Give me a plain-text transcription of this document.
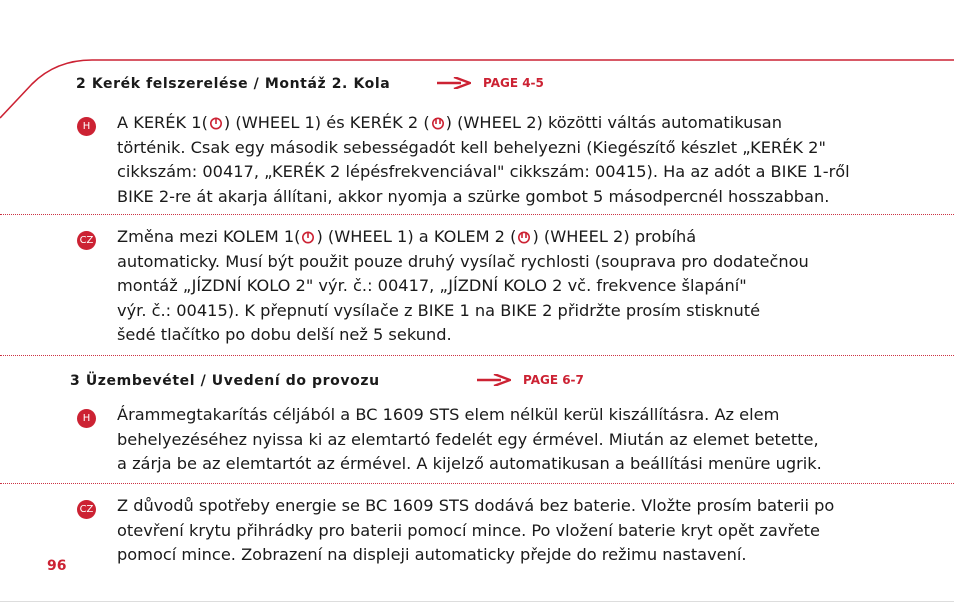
2 Kerék felszerelése / Montáž 2. Kola	PAGE 4-5
H	A KERÉK 1( ) (WHEEL 1) és KERÉK 2 ( ) (WHEEL 2) közötti váltás automatikusan
történik. Csak egy második sebességadót kell behelyezni (Kiegészítő készlet „KERÉK 2"
cikkszám: 00417, „KERÉK 2 lépésfrekvenciával" cikkszám: 00415). Ha az adót a BIKE 1-ről
BIKE 2-re át akarja állítani, akkor nyomja a szürke gombot 5 másodpercnél hosszabban.

CZ Změna mezi KOLEM 1( ) (WHEEL 1) a KOLEM 2 ( ) (WHEEL 2) probíhá
automaticky. Musí být použit pouze druhý vysílač rychlosti (souprava pro dodatečnou
montáž „JÍZDNÍ KOLO 2" výr. č.: 00417, „JÍZDNÍ KOLO 2 vč. frekvence šlapání"
výr. č.: 00415). K přepnutí vysílače z BIKE 1 na BIKE 2 přidržte prosím stisknuté
šedé tlačítko po dobu delší než 5 sekund.

3 Üzembevétel / Uvedení do provozu	PAGE 6-7
H	Árammegtakarítás céljából a BC 1609 STS elem nélkül kerül kiszállításra. Az elem
behelyezéséhez nyissa ki az elemtartó fedelét egy érmével. Miután az elemet betette,
a zárja be az elemtartót az érmével. A kijelző automatikusan a beállítási menüre ugrik.

CZ Z důvodů spotřeby energie se BC 1609 STS dodává bez baterie. Vložte prosím baterii po
otevření krytu přihrádky pro baterii pomocí mince. Po vložení baterie kryt opět zavřete
pomocí mince. Zobrazení na displeji automaticky přejde do režimu nastavení.

96
